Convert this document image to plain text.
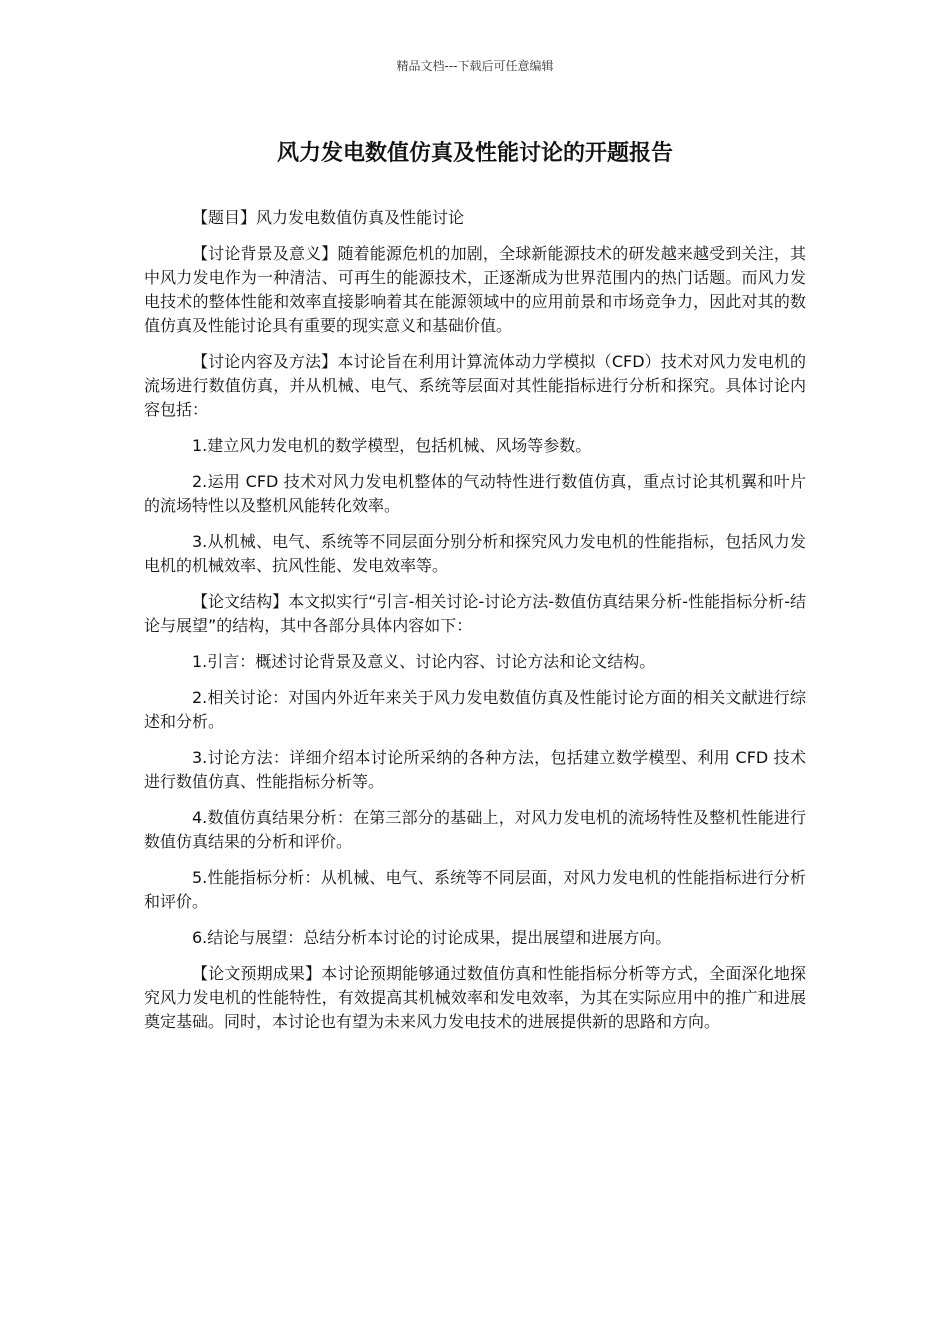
精品文档---下载后可任意编辑
风力发电数值仿真及性能讨论的开题报告

【题目】风力发电数值仿真及性能讨论

【讨论背景及意义】随着能源危机的加剧，全球新能源技术的研发越来越受到关注，其中风力发电作为一种清洁、可再生的能源技术，正逐渐成为世界范围内的热门话题。而风力发电技术的整体性能和效率直接影响着其在能源领域中的应用前景和市场竞争力，因此对其的数值仿真及性能讨论具有重要的现实意义和基础价值。

【讨论内容及方法】本讨论旨在利用计算流体动力学模拟（CFD）技术对风力发电机的流场进行数值仿真，并从机械、电气、系统等层面对其性能指标进行分析和探究。具体讨论内容包括：

1.建立风力发电机的数学模型，包括机械、风场等参数。

2.运用 CFD 技术对风力发电机整体的气动特性进行数值仿真，重点讨论其机翼和叶片的流场特性以及整机风能转化效率。

3.从机械、电气、系统等不同层面分别分析和探究风力发电机的性能指标，包括风力发电机的机械效率、抗风性能、发电效率等。

【论文结构】本文拟实行“引言-相关讨论-讨论方法-数值仿真结果分析-性能指标分析-结论与展望”的结构，其中各部分具体内容如下：

1.引言：概述讨论背景及意义、讨论内容、讨论方法和论文结构。

2.相关讨论：对国内外近年来关于风力发电数值仿真及性能讨论方面的相关文献进行综述和分析。

3.讨论方法：详细介绍本讨论所采纳的各种方法，包括建立数学模型、利用 CFD 技术进行数值仿真、性能指标分析等。

4.数值仿真结果分析：在第三部分的基础上，对风力发电机的流场特性及整机性能进行数值仿真结果的分析和评价。

5.性能指标分析：从机械、电气、系统等不同层面，对风力发电机的性能指标进行分析和评价。

6.结论与展望：总结分析本讨论的讨论成果，提出展望和进展方向。

【论文预期成果】本讨论预期能够通过数值仿真和性能指标分析等方式，全面深化地探究风力发电机的性能特性，有效提高其机械效率和发电效率，为其在实际应用中的推广和进展奠定基础。同时，本讨论也有望为未来风力发电技术的进展提供新的思路和方向。
